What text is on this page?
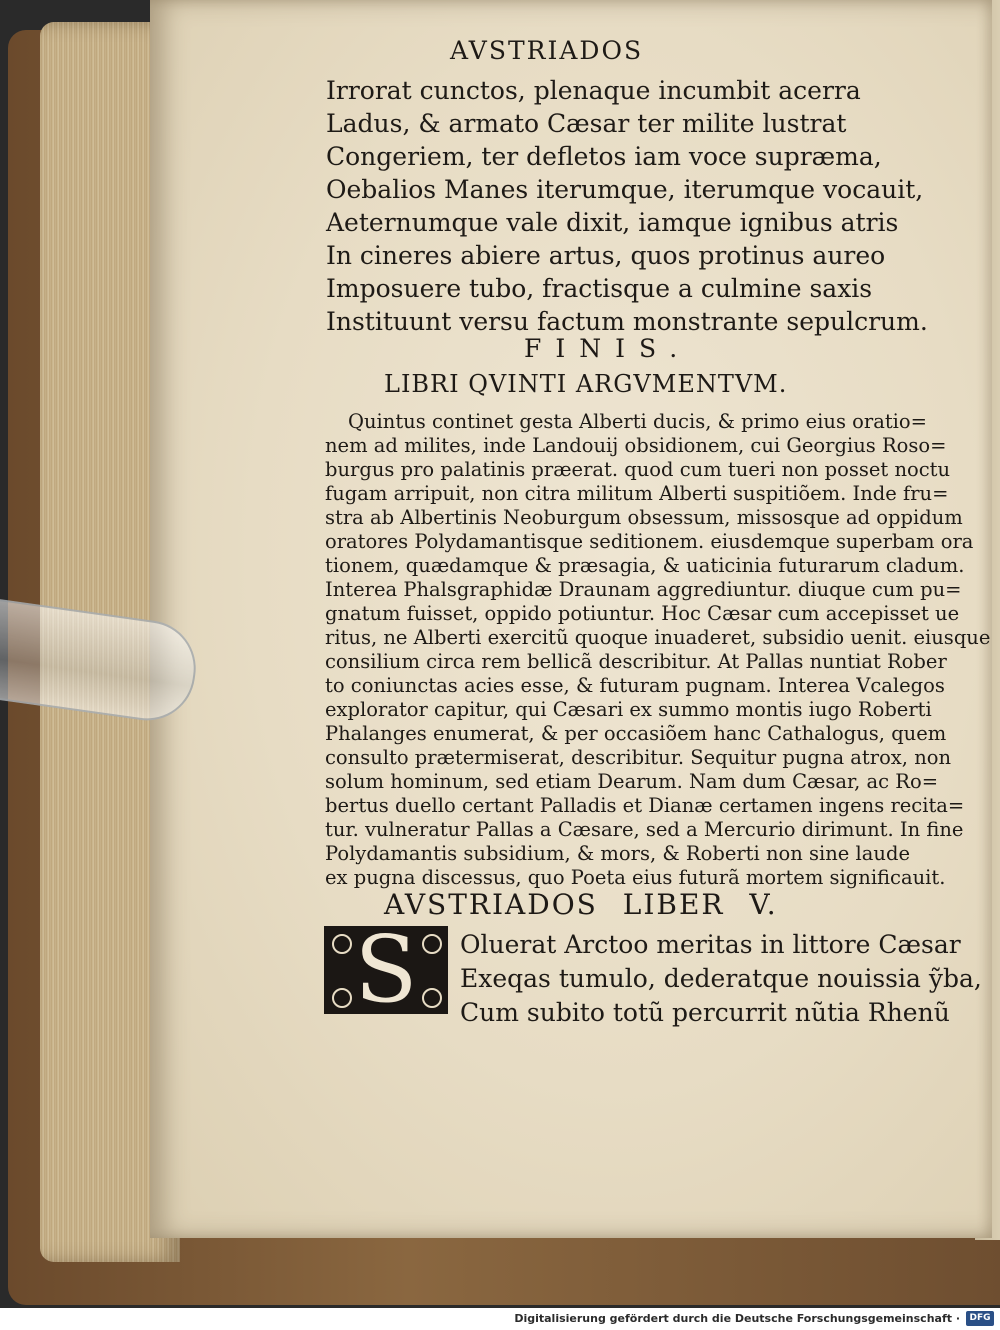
AVSTRIADOS
Irrorat cunctos, plenaque incumbit acerra
Ladus, & armato Cæsar ter milite lustrat
Congeriem, ter defletos iam voce supræma,
Oebalios Manes iterumque, iterumque vocauit,
Aeternumque vale dixit, iamque ignibus atris
In cineres abiere artus, quos protinus aureo
Imposuere tubo, fractisque a culmine saxis
Instituunt versu factum monstrante sepulcrum.
FINIS.
LIBRI QVINTI ARGVMENTVM.
Quintus continet gesta Alberti ducis, & primo eius oratio=
nem ad milites, inde Landouij obsidionem, cui Georgius Roso=
burgus pro palatinis præerat. quod cum tueri non posset noctu
fugam arripuit, non citra militum Alberti suspitiõem. Inde fru=
stra ab Albertinis Neoburgum obsessum, missosque ad oppidum
oratores Polydamantisque seditionem. eiusdemque superbam ora
tionem, quædamque & præsagia, & uaticinia futurarum cladum.
Interea Phalsgraphidæ Draunam aggrediuntur. diuque cum pu=
gnatum fuisset, oppido potiuntur. Hoc Cæsar cum accepisset ue
ritus, ne Alberti exercitũ quoque inuaderet, subsidio uenit. eiusque
consilium circa rem bellicã describitur. At Pallas nuntiat Rober
to coniunctas acies esse, & futuram pugnam. Interea Vcalegos
explorator capitur, qui Cæsari ex summo montis iugo Roberti
Phalanges enumerat, & per occasiõem hanc Cathalogus, quem
consulto prætermiserat, describitur. Sequitur pugna atrox, non
solum hominum, sed etiam Dearum. Nam dum Cæsar, ac Ro=
bertus duello certant Palladis et Dianæ certamen ingens recita=
tur. vulneratur Pallas a Cæsare, sed a Mercurio dirimunt. In fine
Polydamantis subsidium, & mors, & Roberti non sine laude
ex pugna discessus, quo Poeta eius futurã mortem significauit.
AVSTRIADOS LIBER V.
S	Oluerat Arctoo meritas in littore Cæsar
Exeqas tumulo, dederatque nouissia ỹba,
Cum subito totũ percurrit nũtia Rhenũ
Digitalisierung gefördert durch die Deutsche Forschungsgemeinschaft ·	DFG
